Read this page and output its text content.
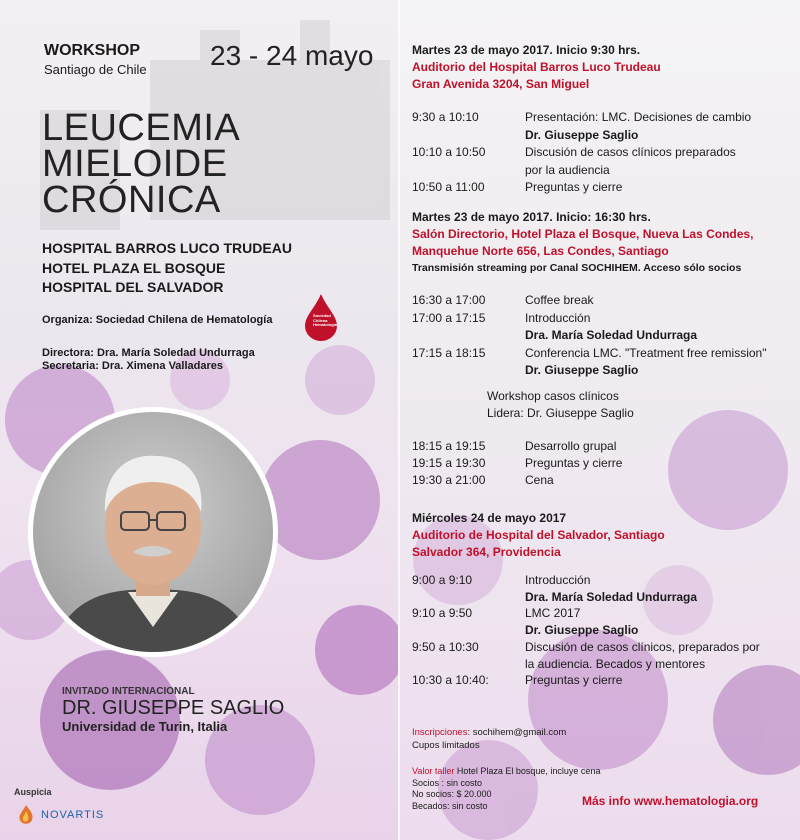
WORKSHOP
Santiago de Chile 23 - 24 mayo
LEUCEMIA
MIELOIDE
CRÓNICA
HOSPITAL BARROS LUCO TRUDEAU
HOTEL PLAZA EL BOSQUE
HOSPITAL DEL SALVADOR
Organiza: Sociedad Chilena de Hematología	Sociedad
Chilena
Hematología
Directora: Dra. María Soledad Undurraga
Secretaria: Dra. Ximena Valladares
INVITADO INTERNACIONAL
DR. GIUSEPPE SAGLIO
Universidad de Turin, Italia
Auspicia
NOVARTIS
Martes 23 de mayo 2017. Inicio 9:30 hrs.
Auditorio del Hospital Barros Luco Trudeau
Gran Avenida 3204, San Miguel
9:30 a 10:10	Presentación: LMC. Decisiones de cambio
Dr. Giuseppe Saglio
10:10 a 10:50	Discusión de casos clínicos preparados
por la audiencia
10:50 a 11:00	Preguntas y cierre
Martes 23 de mayo 2017. Inicio: 16:30 hrs.
Salón Directorio, Hotel Plaza el Bosque, Nueva Las Condes,
Manquehue Norte 656, Las Condes, Santiago
Transmisión streaming por Canal SOCHIHEM. Acceso sólo socios
16:30 a 17:00	Coffee break
17:00 a 17:15	Introducción
Dra. María Soledad Undurraga
17:15 a 18:15	Conferencia LMC. "Treatment free remission"
Dr. Giuseppe Saglio
Workshop casos clínicos
Lidera: Dr. Giuseppe Saglio
18:15 a 19:15	Desarrollo grupal
19:15 a 19:30	Preguntas y cierre
19:30 a 21:00	Cena
Miércoles 24 de mayo 2017
Auditorio de Hospital del Salvador, Santiago
Salvador 364, Providencia
9:00 a 9:10	Introducción
Dra. María Soledad Undurraga
9:10 a 9:50	LMC 2017
Dr. Giuseppe Saglio
9:50 a 10:30	Discusión de casos clínicos, preparados por
la audiencia. Becados y mentores
10:30 a 10:40:	Preguntas y cierre
Inscripciones: sochihem@gmail.com
Cupos limitados
Valor taller Hotel Plaza El bosque, incluye cena
Socios : sin costo
No socios: $ 20.000
Becados: sin costo	Más info www.hematologia.org
